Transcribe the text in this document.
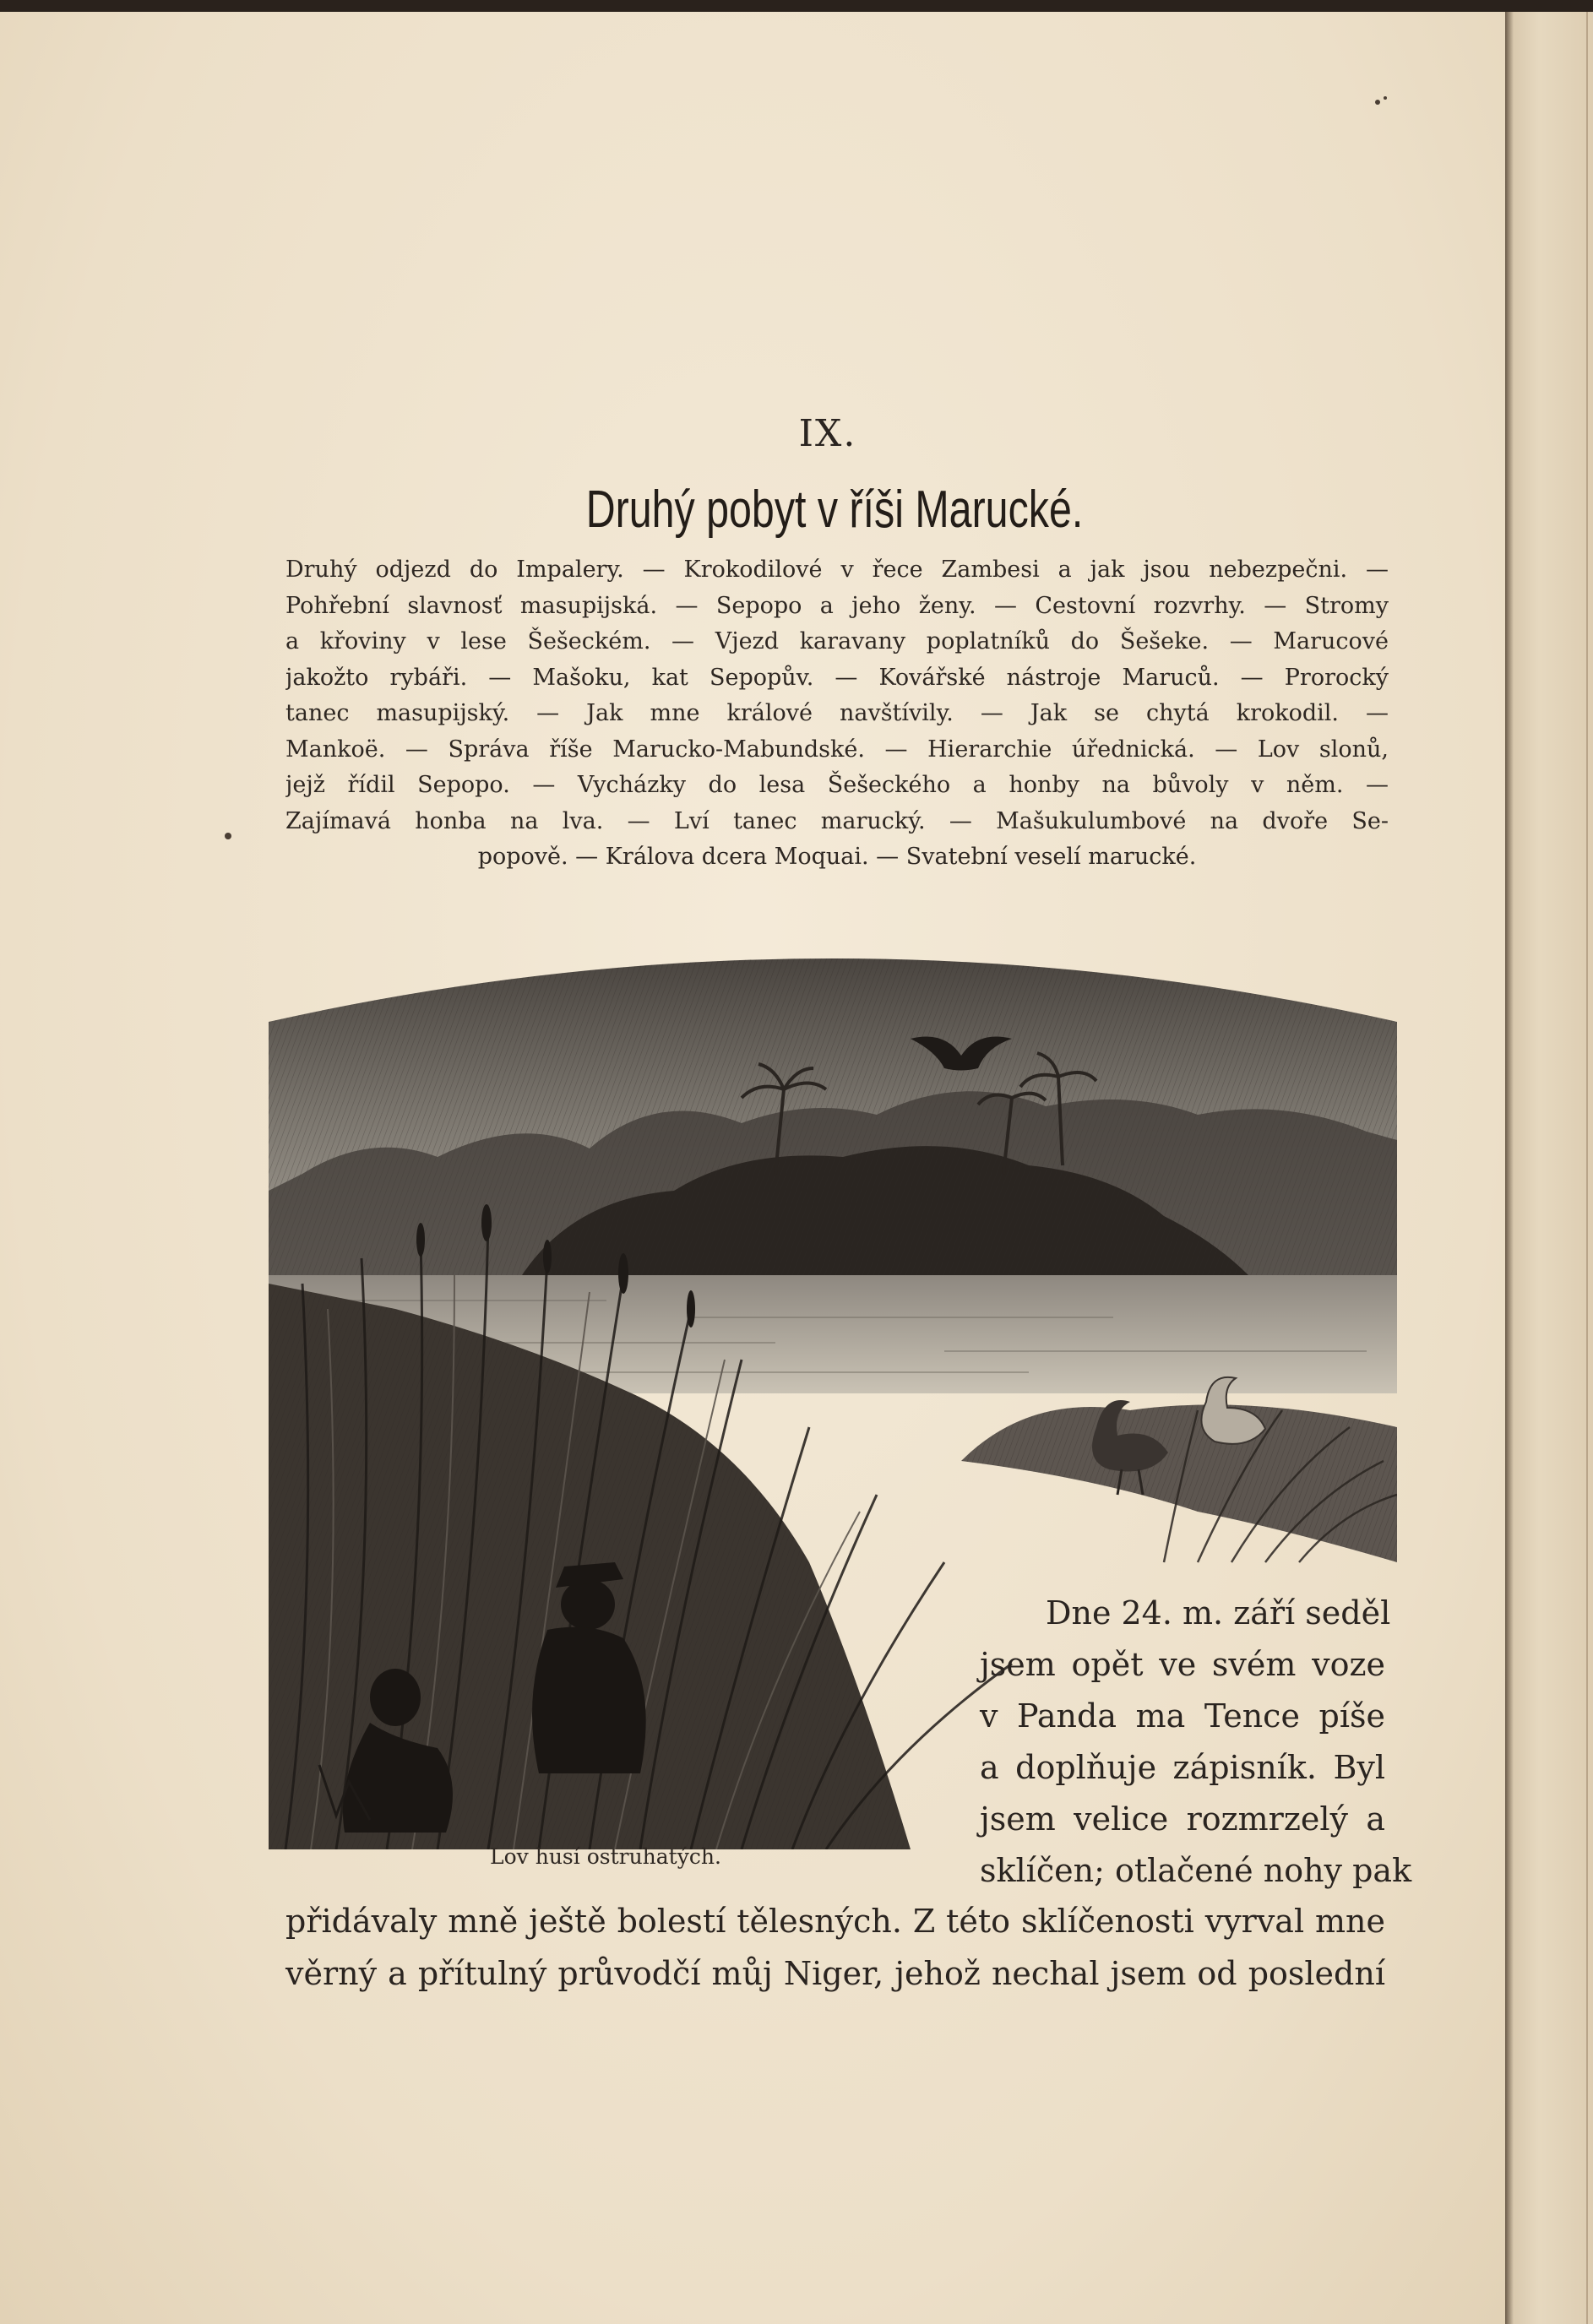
IX.
Druhý pobyt v říši Marucké.
Druhý odjezd do Impalery. — Krokodilové v řece Zambesi a jak jsou nebezpečni. —
Pohřební slavnosť masupijská. — Sepopo a jeho ženy. — Cestovní rozvrhy. — Stromy
a křoviny v lese Šešeckém. — Vjezd karavany poplatníků do Šešeke. — Marucové
jakožto rybáři. — Mašoku, kat Sepopův. — Kovářské nástroje Maruců. — Prorocký
tanec masupijský. — Jak mne králové navštívily. — Jak se chytá krokodil. —
Mankoë. — Správa říše Marucko-Mabundské. — Hierarchie úřednická. — Lov slonů,
jejž řídil Sepopo. — Vycházky do lesa Šešeckého a honby na bůvoly v něm. —
Zajímavá honba na lva. — Lví tanec marucký. — Mašukulumbové na dvoře Se-
popově. — Králova dcera Moquai. — Svatební veselí marucké.
Lov husí ostruhatých.
Dne 24. m. září seděl
jsem opět ve svém voze
v Panda ma Tence píše
a doplňuje zápisník. Byl
jsem velice rozmrzelý a
sklíčen; otlačené nohy pak
přidávaly mně ještě bolestí tělesných. Z této sklíčenosti vyrval mne
věrný a přítulný průvodčí můj Niger, jehož nechal jsem od poslední
